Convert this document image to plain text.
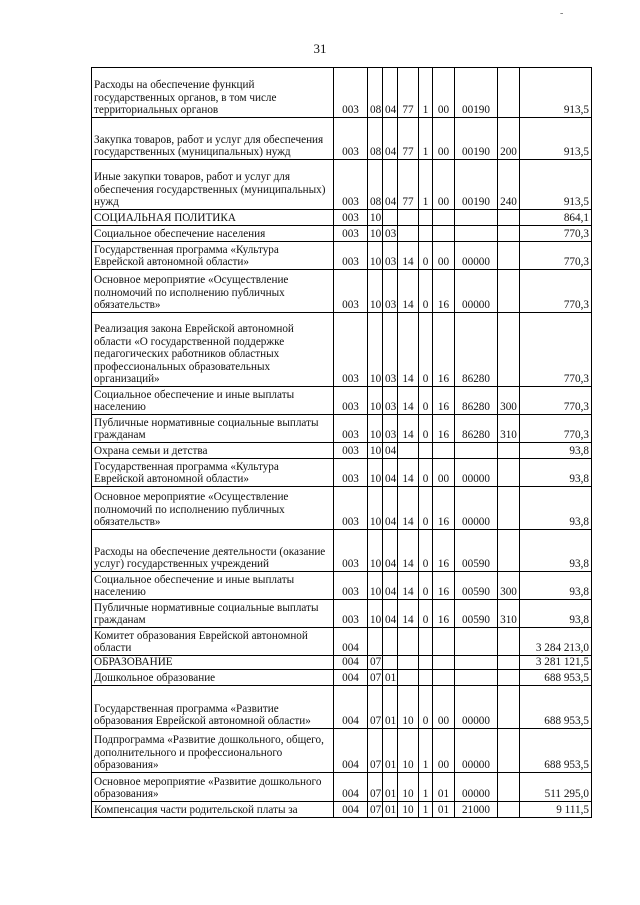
-
31
Расходы на обеспечение функций государственных органов, в том числе территориальных органов	003	08	04	77	1	00	00190		913,5
Закупка товаров, работ и услуг для обеспечения государственных (муниципальных) нужд	003	08	04	77	1	00	00190	200	913,5
Иные закупки товаров, работ и услуг для обеспечения государственных (муниципальных) нужд	003	08	04	77	1	00	00190	240	913,5
СОЦИАЛЬНАЯ ПОЛИТИКА	003	10							864,1
Социальное обеспечение населения	003	10	03						770,3
Государственная программа «Культура Еврейской автономной области»	003	10	03	14	0	00	00000		770,3
Основное мероприятие «Осуществление полномочий по исполнению публичных обязательств»	003	10	03	14	0	16	00000		770,3
Реализация закона Еврейской автономной области «О государственной поддержке педагогических работников областных профессиональных образовательных организаций»	003	10	03	14	0	16	86280		770,3
Социальное обеспечение и иные выплаты населению	003	10	03	14	0	16	86280	300	770,3
Публичные нормативные социальные выплаты гражданам	003	10	03	14	0	16	86280	310	770,3
Охрана семьи и детства	003	10	04						93,8
Государственная программа «Культура Еврейской автономной области»	003	10	04	14	0	00	00000		93,8
Основное мероприятие «Осуществление полномочий по исполнению публичных обязательств»	003	10	04	14	0	16	00000		93,8
Расходы на обеспечение деятельности (оказание услуг) государственных учреждений	003	10	04	14	0	16	00590		93,8
Социальное обеспечение и иные выплаты населению	003	10	04	14	0	16	00590	300	93,8
Публичные нормативные социальные выплаты гражданам	003	10	04	14	0	16	00590	310	93,8
Комитет образования Еврейской автономной области	004								3 284 213,0
ОБРАЗОВАНИЕ	004	07							3 281 121,5
Дошкольное образование	004	07	01						688 953,5
Государственная программа «Развитие образования Еврейской автономной области»	004	07	01	10	0	00	00000		688 953,5
Подпрограмма «Развитие дошкольного, общего, дополнительного и профессионального образования»	004	07	01	10	1	00	00000		688 953,5
Основное мероприятие «Развитие дошкольного образования»	004	07	01	10	1	01	00000		511 295,0
Компенсация части родительской платы за	004	07	01	10	1	01	21000		9 111,5
